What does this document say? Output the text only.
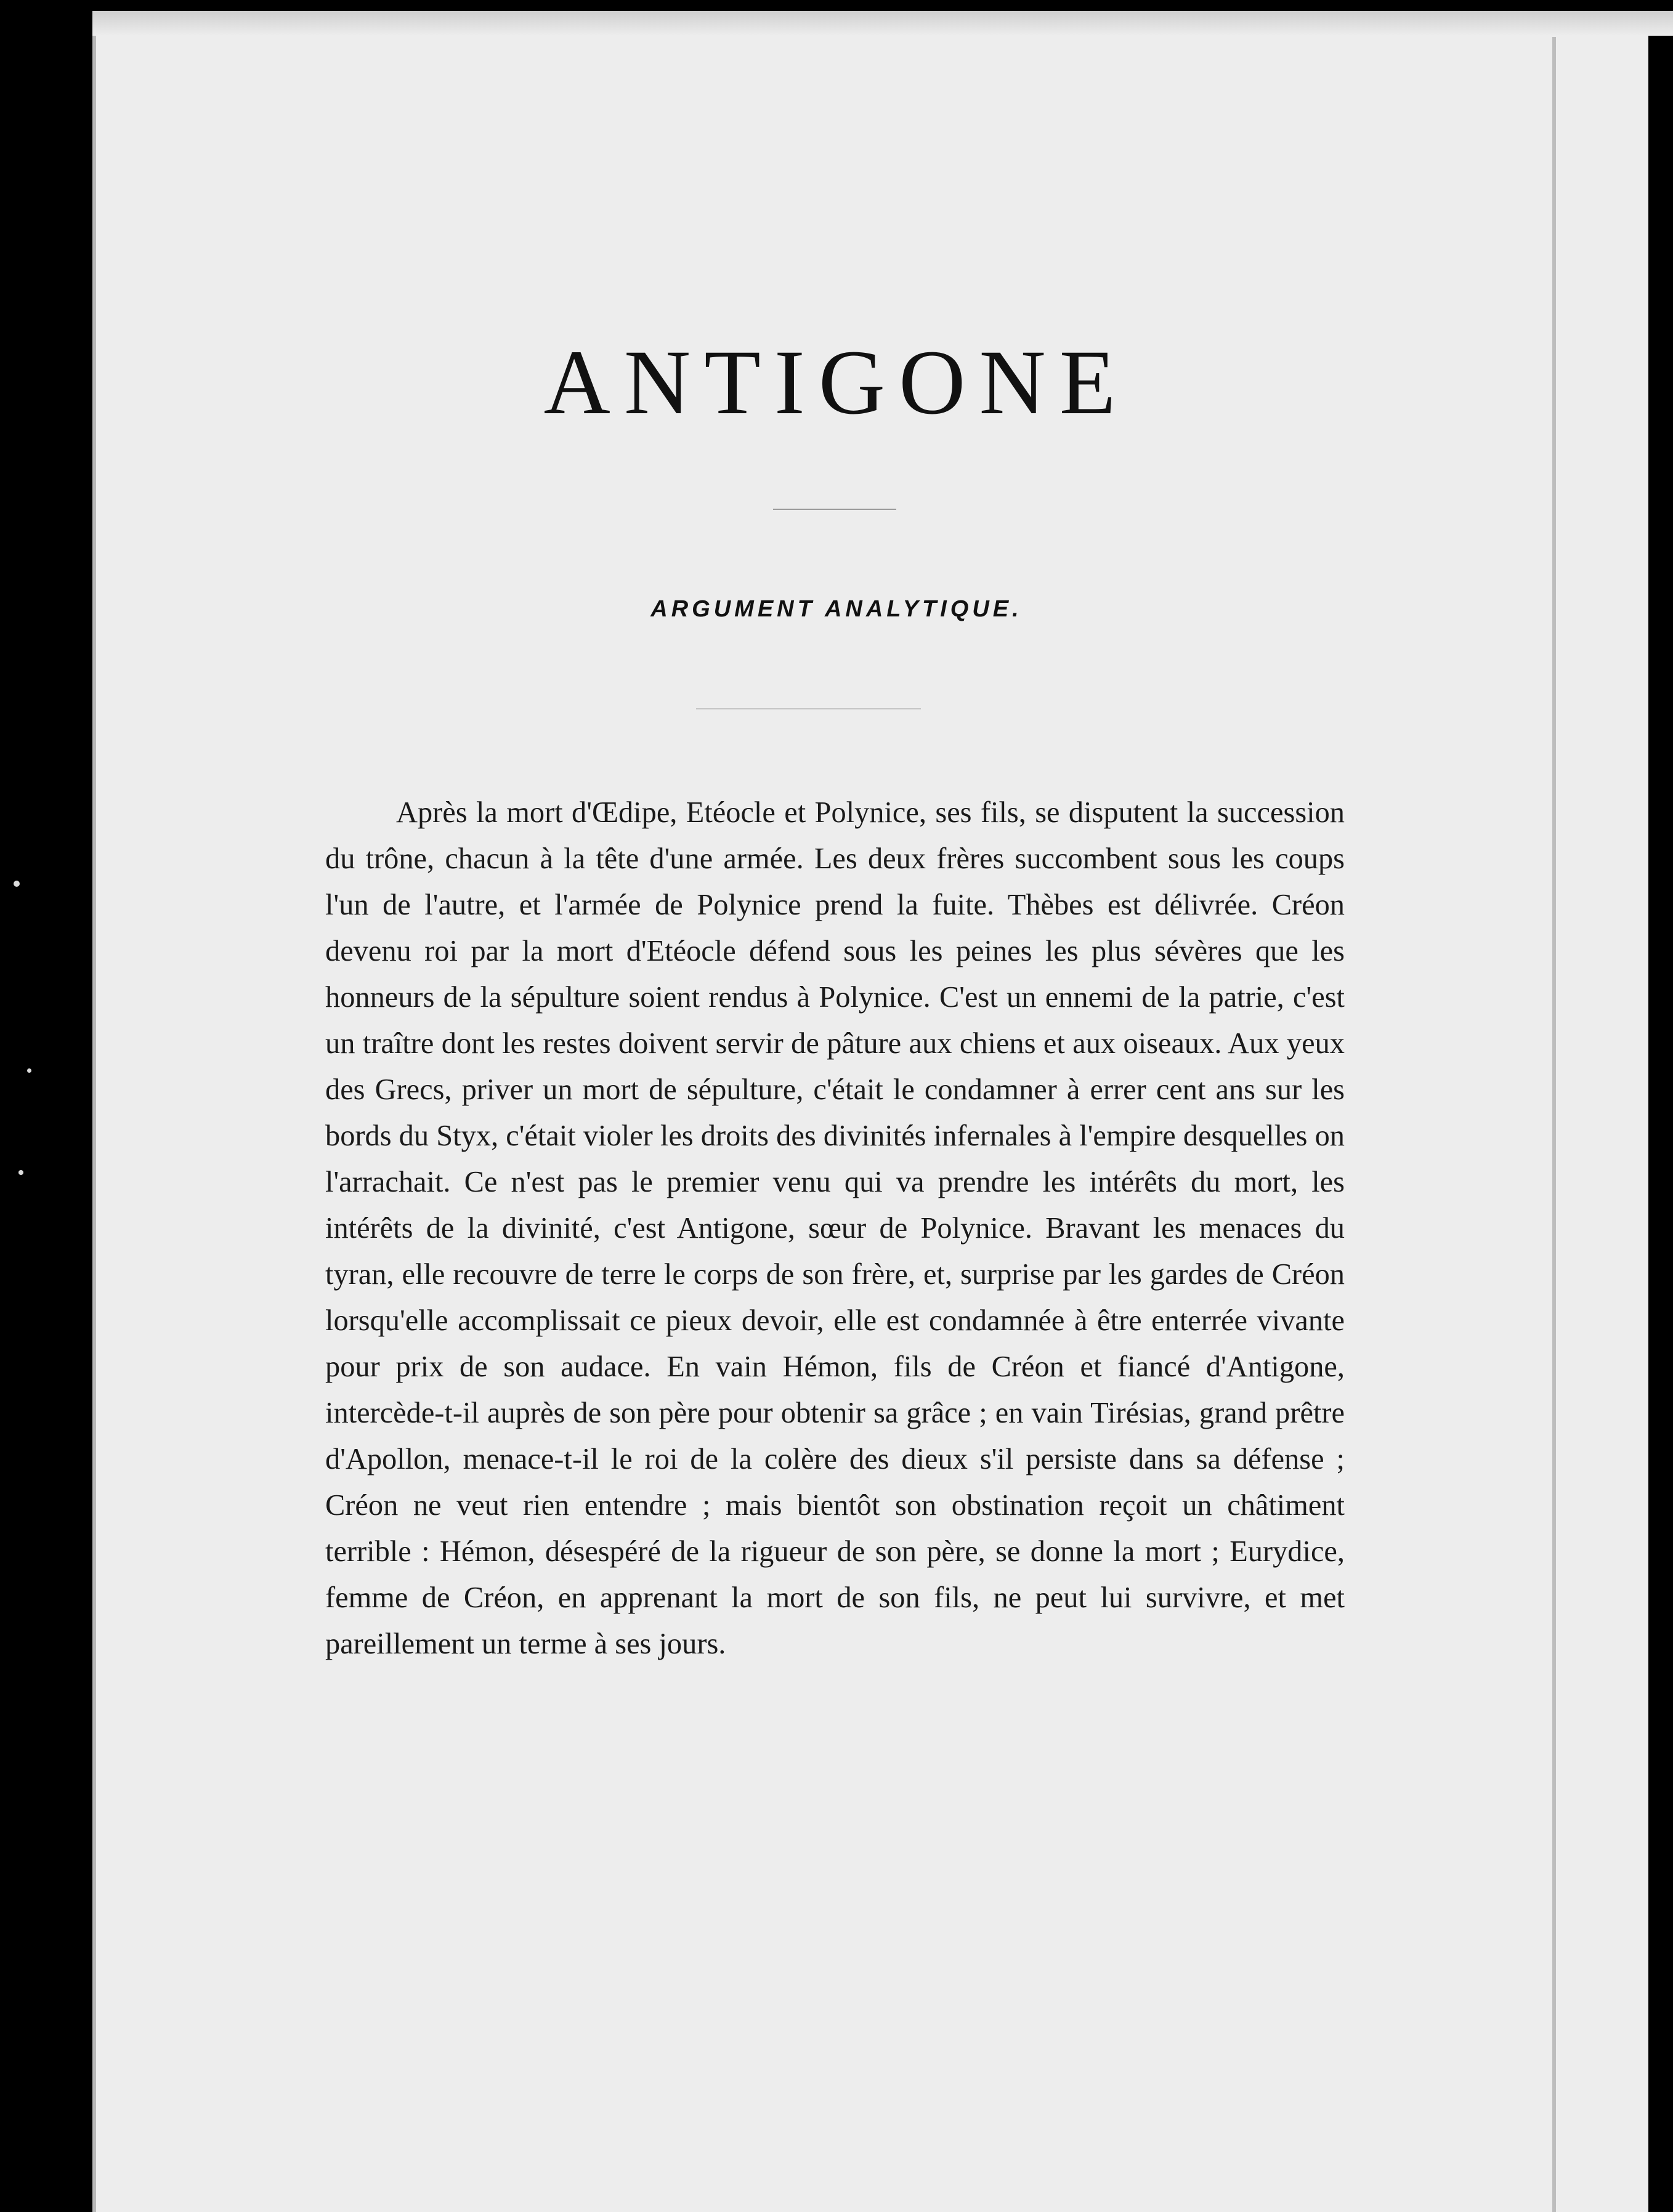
ANTIGONE
ARGUMENT ANALYTIQUE.

Après la mort d'Œdipe, Etéocle et Polynice, ses fils, se disputent la succession du trône, chacun à la tête d'une armée. Les deux frères succombent sous les coups l'un de l'autre, et l'armée de Polynice prend la fuite. Thèbes est délivrée. Créon devenu roi par la mort d'Etéocle défend sous les peines les plus sévères que les honneurs de la sépulture soient rendus à Polynice. C'est un ennemi de la patrie, c'est un traître dont les restes doivent servir de pâture aux chiens et aux oiseaux. Aux yeux des Grecs, priver un mort de sépulture, c'était le condamner à errer cent ans sur les bords du Styx, c'était violer les droits des divinités infernales à l'empire desquelles on l'arrachait. Ce n'est pas le premier venu qui va prendre les intérêts du mort, les intérêts de la divinité, c'est Antigone, sœur de Polynice. Bravant les menaces du tyran, elle recouvre de terre le corps de son frère, et, surprise par les gardes de Créon lorsqu'elle accomplissait ce pieux devoir, elle est condamnée à être enterrée vivante pour prix de son audace. En vain Hémon, fils de Créon et fiancé d'Antigone, intercède-t-il auprès de son père pour obtenir sa grâce ; en vain Tirésias, grand prêtre d'Apollon, menace-t-il le roi de la colère des dieux s'il persiste dans sa défense ; Créon ne veut rien entendre ; mais bientôt son obstination reçoit un châtiment terrible : Hémon, désespéré de la rigueur de son père, se donne la mort ; Eurydice, femme de Créon, en apprenant la mort de son fils, ne peut lui survivre, et met pareillement un terme à ses jours.
